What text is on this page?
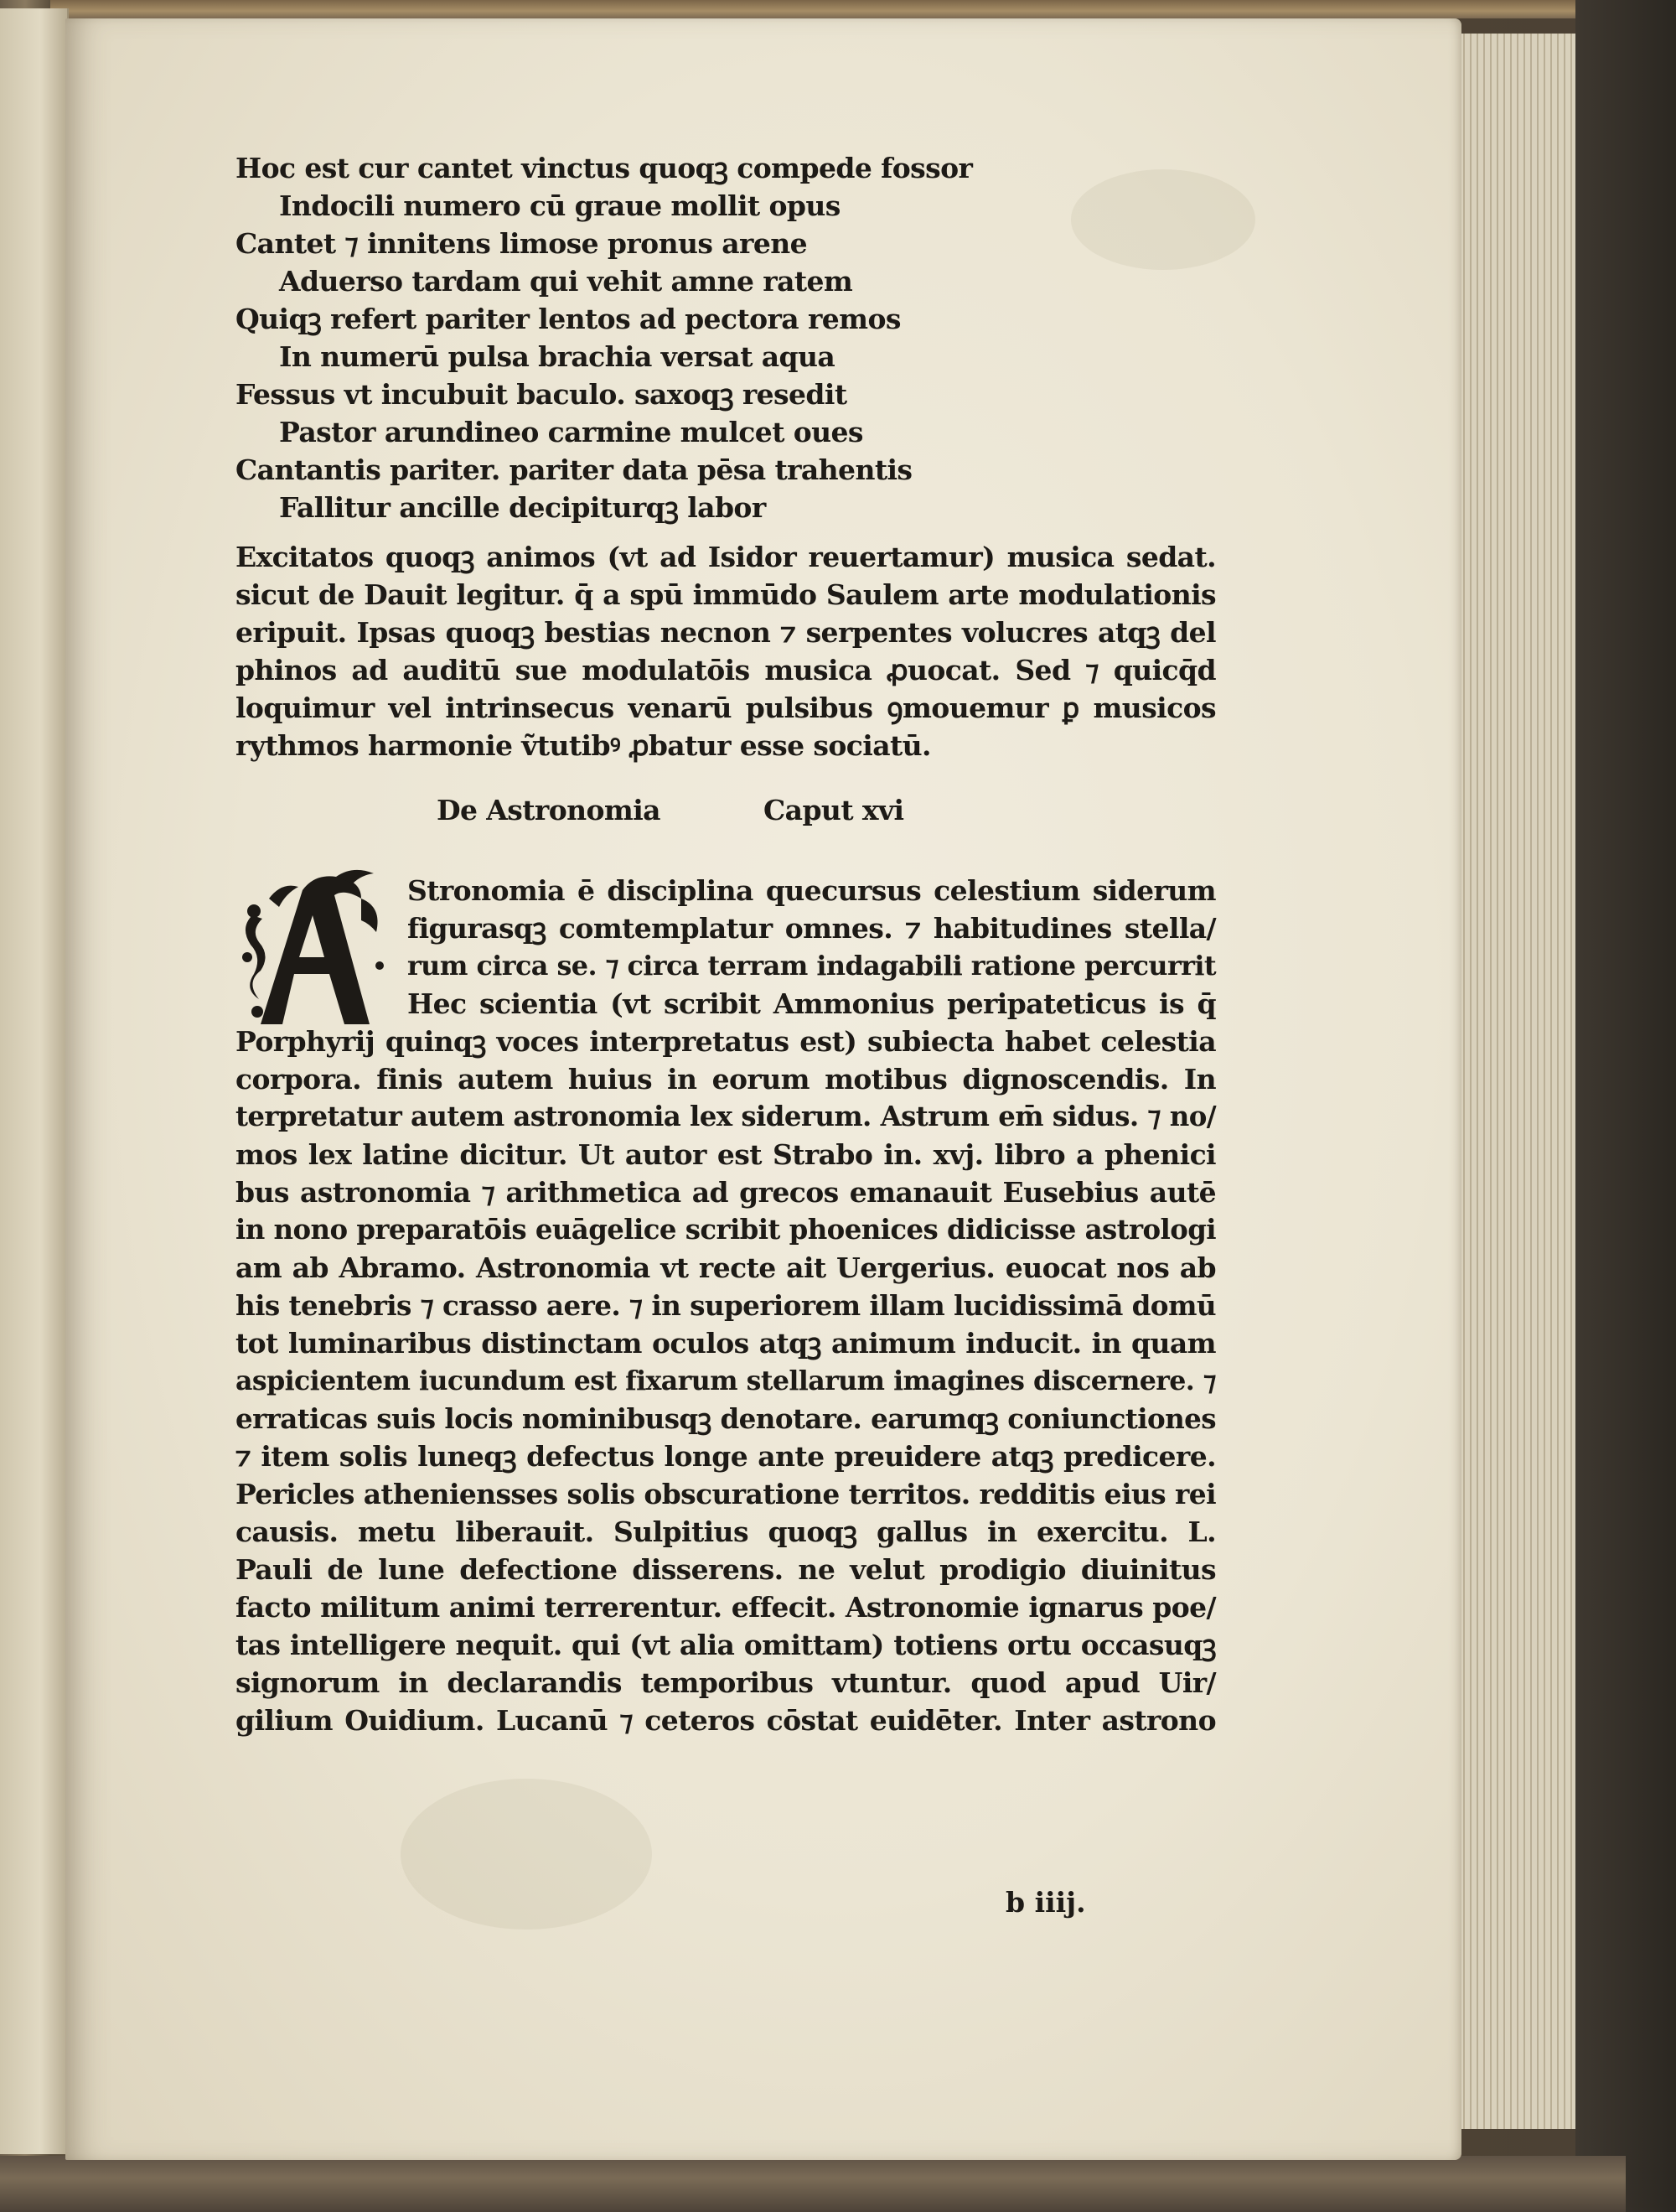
Hoc est cur cantet vinctus quoqꝫ compede fossor
Indocili numero cū graue mollit opus
Cantet ⁊ innitens limose pronus arene
Aduerso tardam qui vehit amne ratem
Quiqꝫ refert pariter lentos ad pectora remos
In numerū pulsa brachia versat aqua
Fessus vt incubuit baculo. saxoqꝫ resedit
Pastor arundineo carmine mulcet oues
Cantantis pariter. pariter data pēsa trahentis
Fallitur ancille decipiturqꝫ labor
Excitatos quoqꝫ animos (vt ad Isidor reuertamur) musica sedat.
sicut de Dauit legitur. q̄ a spū immūdo Saulem arte modulationis
eripuit. Ipsas quoqꝫ bestias necnon ⁊ serpentes volucres atqꝫ del
phinos ad auditū sue modulatōis musica ꝓuocat. Sed ⁊ quicq̄d
loquimur vel intrinsecus venarū pulsibus ꝯmouemur ꝑ musicos
rythmos harmonie ṽtutibꝰ ꝓbatur esse sociatū.
De Astronomia	Caput xvi
Stronomia ē disciplina quecursus celestium siderum
figurasqꝫ comtemplatur omnes. ⁊ habitudines stella/
rum circa se. ⁊ circa terram indagabili ratione percurrit
Hec scientia (vt scribit Ammonius peripateticus is q̄
Porphyrij quinqꝫ voces interpretatus est) subiecta habet celestia
corpora. finis autem huius in eorum motibus dignoscendis. In
terpretatur autem astronomia lex siderum. Astrum em̄ sidus. ⁊ no/
mos lex latine dicitur. Ut autor est Strabo in. xvj. libro a phenici
bus astronomia ⁊ arithmetica ad grecos emanauit Eusebius autē
in nono preparatōis euāgelice scribit phoenices didicisse astrologi
am ab Abramo. Astronomia vt recte ait Uergerius. euocat nos ab
his tenebris ⁊ crasso aere. ⁊ in superiorem illam lucidissimā domū
tot luminaribus distinctam oculos atqꝫ animum inducit. in quam
aspicientem iucundum est fixarum stellarum imagines discernere. ⁊
erraticas suis locis nominibusqꝫ denotare. earumqꝫ coniunctiones
⁊ item solis luneqꝫ defectus longe ante preuidere atqꝫ predicere.
Pericles atheniensses solis obscuratione territos. redditis eius rei
causis. metu liberauit. Sulpitius quoqꝫ gallus in exercitu. L.
Pauli de lune defectione disserens. ne velut prodigio diuinitus
facto militum animi terrerentur. effecit. Astronomie ignarus poe/
tas intelligere nequit. qui (vt alia omittam) totiens ortu occasuqꝫ
signorum in declarandis temporibus vtuntur. quod apud Uir/
gilium Ouidium. Lucanū ⁊ ceteros cōstat euidēter. Inter astrono
b iiij.
